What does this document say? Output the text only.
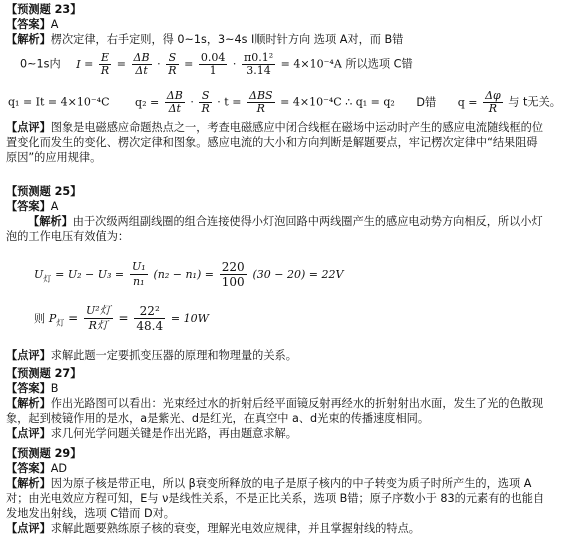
【预测题 23】
【答案】A
【解析】楞次定律，右手定则，得 0~1s，3~4s I顺时针方向 选项 A对，而 B错
0~1s内 $I = \frac{E}{R} = \frac{\Delta B}{\Delta t} \cdot \frac{S}{R} = \frac{0.04}{1} \cdot \frac{\text{π0.1²}}{3.14} = 4\times 10^{-4}A$ 所以选项 C错
q₁ = It = 4×10⁻⁴C $q_2 = \frac{\Delta B}{\Delta t} \cdot \frac{S}{R} \cdot t = \frac{\text{ΔBS}}{R} = 4\times 10^{-4}C$ ∴ q₁ = q₂ D错 $q = \frac{\Delta\varphi}{R}$ 与 t无关。
【点评】图象是电磁感应命题热点之一，考查电磁感应中闭合线框在磁场中运动时产生的感应电流随线框的位置变化而发生的变化、楞次定律和图象。感应电流的大小和方向判断是解题要点，牢记楞次定律中“结果阻碍原因”的应用规律。
【预测题 25】
【答案】A
【解析】由于次级两组副线圈的组合连接使得小灯泡回路中两线圈产生的感应电动势方向相反，所以小灯泡的工作电压有效值为：
$U_灯 = U_2 - U_3 = \frac{\text{U₁}}{\text{n₁}} (n_2 - n_1) = \frac{220}{100} (30 - 20) = 22V$
则 $P_灯 = \frac{\text{U²灯}}{\text{R灯}} = \frac{\text{22²}}{48.4} = 10W$
【点评】求解此题一定要抓变压器的原理和物理量的关系。
【预测题 27】
【答案】B
【解析】作出光路图可以看出：光束经过水的折射后经平面镜反射再经水的折射射出水面，发生了光的色散现象，起到棱镜作用的是水，a是紫光、d是红光，在真空中 a、d光束的传播速度相同。
【点评】求几何光学问题关键是作出光路，再由题意求解。
【预测题 29】
【答案】AD
【解析】因为原子核是带正电，所以 β衰变所释放的电子是原子核内的中子转变为质子时所产生的，选项 A对；由光电效应方程可知，E与 ν是线性关系，不是正比关系，选项 B错；原子序数小于 83的元素有的也能自发地发出射线，选项 C错而 D对。
【点评】求解此题要熟练原子核的衰变，理解光电效应规律，并且掌握射线的特点。
